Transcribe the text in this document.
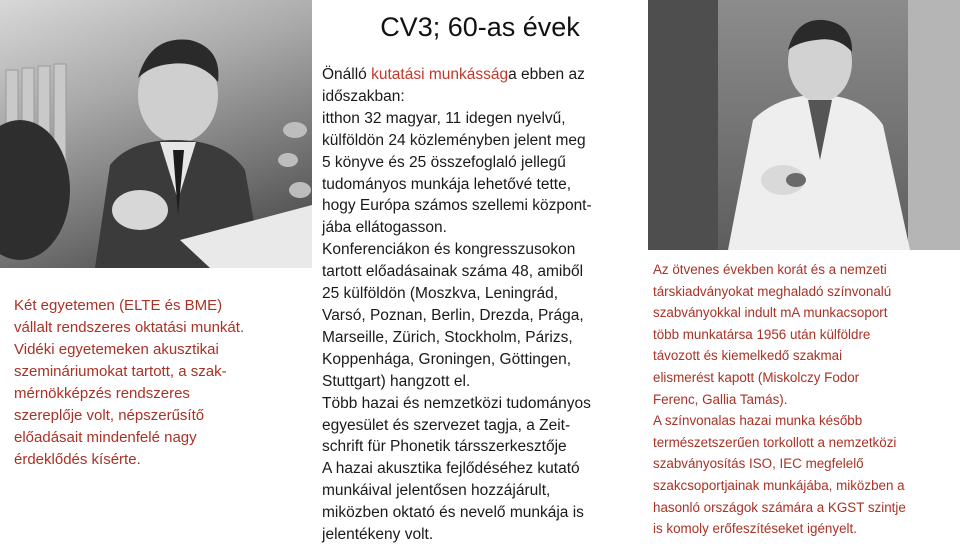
CV3; 60-as évek

Önálló kutatási munkássága ebben az

időszakban:

itthon 32 magyar, 11 idegen nyelvű,

külföldön 24 közleményben jelent meg

5 könyve és 25 összefoglaló jellegű

tudományos munkája lehetővé tette,

hogy Európa számos szellemi központ-

jába ellátogasson.

Konferenciákon és kongresszusokon

tartott előadásainak száma 48, amiből

25 külföldön (Moszkva, Leningrád,

Varsó, Poznan, Berlin, Drezda, Prága,

Marseille, Zürich, Stockholm, Párizs,

Koppenhága, Groningen, Göttingen,

Stuttgart) hangzott el.

Több hazai és nemzetközi tudományos

egyesület és szervezet tagja, a Zeit-

schrift für Phonetik társszerkesztője

A hazai akusztika fejlődéséhez kutató

munkáival jelentősen hozzájárult,

miközben oktató és nevelő munkája is

jelentékeny volt.

Két egyetemen (ELTE és BME)

vállalt rendszeres oktatási munkát.

Vidéki egyetemeken akusztikai

szemináriumokat tartott, a szak-

mérnökképzés rendszeres

szereplője volt, népszerűsítő

előadásait mindenfelé nagy

érdeklődés kísérte.

Az ötvenes években korát és a nemzeti

társkiadványokat meghaladó színvonalú

szabványokkal indult mA munkacsoport

több munkatársa 1956 után külföldre

távozott és kiemelkedő szakmai

elismerést kapott (Miskolczy Fodor

Ferenc, Gallia Tamás).

A színvonalas hazai munka később

természetszerűen torkollott a nemzetközi

szabványosítás ISO, IEC megfelelő

szakcsoportjainak munkájába, miközben a

hasonló országok számára a KGST szintje

is komoly erőfeszítéseket igényelt.
